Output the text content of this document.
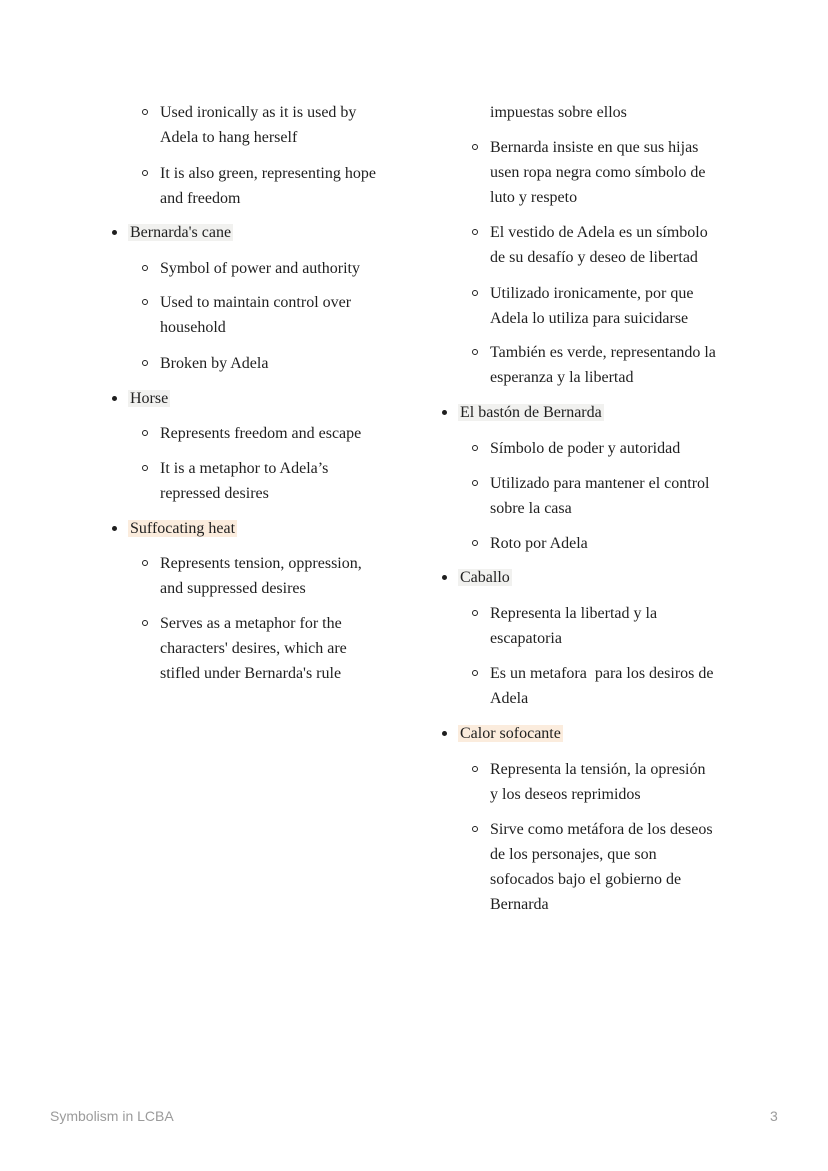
Used ironically as it is used by
Adela to hang herself
It is also green, representing hope
and freedom
Bernarda's cane
Symbol of power and authority
Used to maintain control over
household
Broken by Adela
Horse
Represents freedom and escape
It is a metaphor to Adela’s
repressed desires
Suffocating heat
Represents tension, oppression,
and suppressed desires
Serves as a metaphor for the
characters' desires, which are
stifled under Bernarda's rule
impuestas sobre ellos
Bernarda insiste en que sus hijas
usen ropa negra como símbolo de
luto y respeto
El vestido de Adela es un símbolo
de su desafío y deseo de libertad
Utilizado ironicamente, por que
Adela lo utiliza para suicidarse
También es verde, representando la
esperanza y la libertad
El bastón de Bernarda
Símbolo de poder y autoridad
Utilizado para mantener el control
sobre la casa
Roto por Adela
Caballo
Representa la libertad y la
escapatoria
Es un metafora  para los desiros de
Adela
Calor sofocante
Representa la tensión, la opresión
y los deseos reprimidos
Sirve como metáfora de los deseos
de los personajes, que son
sofocados bajo el gobierno de
Bernarda
Symbolism in LCBA	3
